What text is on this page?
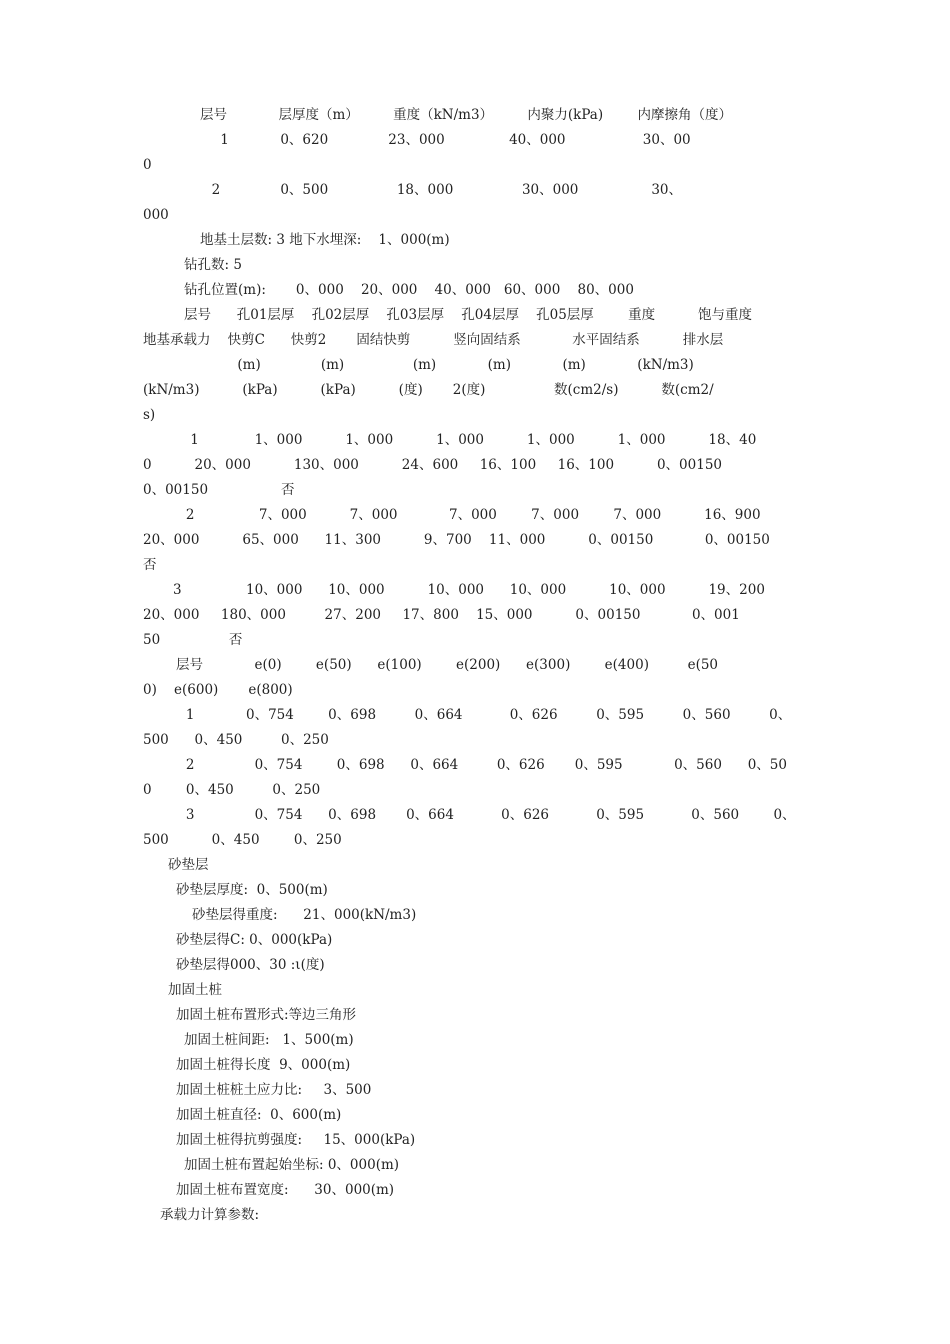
层号            层厚度（m）        重度（kN/m3）        内聚力(kPa)        内摩擦角（度）
1            0、620              23、000               40、000                  30、00
0
2              0、500                18、000                30、000                 30、
000
地基土层数: 3 地下水埋深:    1、000(m)
钻孔数: 5
钻孔位置(m):       0、000    20、000    40、000   60、000    80、000
层号      孔01层厚    孔02层厚    孔03层厚    孔04层厚    孔05层厚        重度          饱与重度
地基承载力    快剪C      快剪2       固结快剪          竖向固结系            水平固结系          排水层
(m)              (m)                (m)            (m)            (m)            (kN/m3)
(kN/m3)          (kPa)          (kPa)          (度)       2(度)                数(cm2/s)          数(cm2/
s)
1             1、000          1、000          1、000          1、000          1、000          18、40
0          20、000          130、000          24、600     16、100     16、100          0、00150
0、00150                 否
2               7、000          7、000            7、000        7、000        7、000          16、900
20、000          65、000      11、300          9、700    11、000          0、00150            0、00150
否
3               10、000      10、000          10、000      10、000          10、000          19、200
20、000     180、000         27、200     17、800    15、000          0、00150            0、001
50                否
层号            e(0)        e(50)      e(100)        e(200)      e(300)        e(400)         e(50
0)    e(600)       e(800)
1            0、754        0、698         0、664           0、626         0、595         0、560         0、
500      0、450         0、250
2              0、754        0、698      0、664         0、626       0、595            0、560      0、50
0        0、450         0、250
3              0、754      0、698       0、664           0、626           0、595           0、560        0、
500          0、450        0、250
砂垫层
砂垫层厚度:  0、500(m)
砂垫层得重度:      21、000(kN/m3)
砂垫层得C: 0、000(kPa)
砂垫层得000、30 :ι(度)
加固土桩
加固土桩布置形式:等边三角形
加固土桩间距:   1、500(m)
加固土桩得长度  9、000(m)
加固土桩桩土应力比:     3、500
加固土桩直径:  0、600(m)
加固土桩得抗剪强度:     15、000(kPa)
加固土桩布置起始坐标: 0、000(m)
加固土桩布置宽度:      30、000(m)
承载力计算参数:
